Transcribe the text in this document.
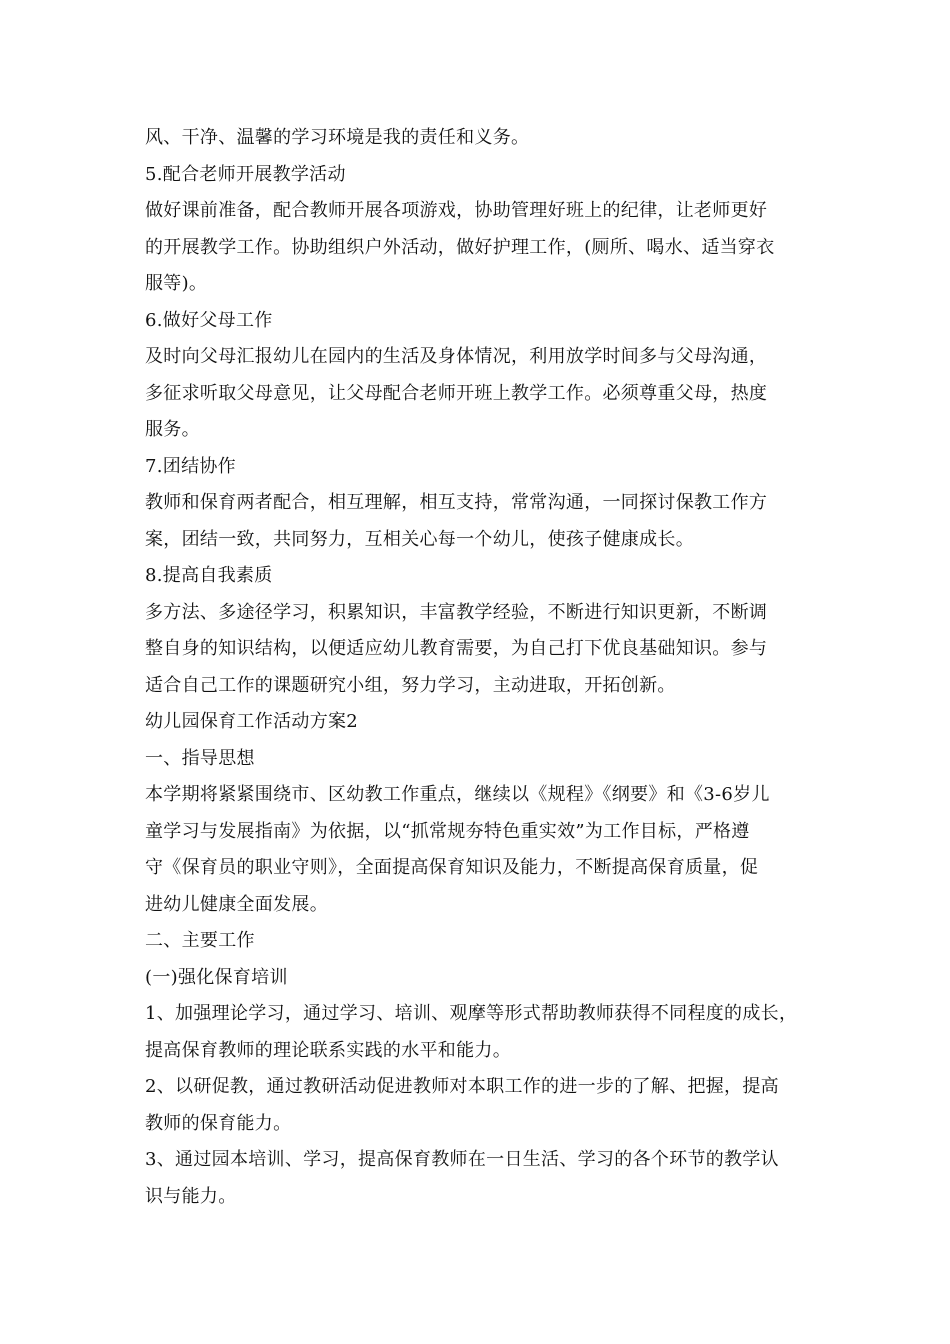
风、干净、温馨的学习环境是我的责任和义务。
5.配合老师开展教学活动
做好课前准备，配合教师开展各项游戏，协助管理好班上的纪律，让老师更好
的开展教学工作。协助组织户外活动，做好护理工作，(厕所、喝水、适当穿衣
服等)。
6.做好父母工作
及时向父母汇报幼儿在园内的生活及身体情况，利用放学时间多与父母沟通，
多征求听取父母意见，让父母配合老师开班上教学工作。必须尊重父母，热度
服务。
7.团结协作
教师和保育两者配合，相互理解，相互支持，常常沟通，一同探讨保教工作方
案，团结一致，共同努力，互相关心每一个幼儿，使孩子健康成长。
8.提高自我素质
多方法、多途径学习，积累知识，丰富教学经验，不断进行知识更新，不断调
整自身的知识结构，以便适应幼儿教育需要，为自己打下优良基础知识。参与
适合自己工作的课题研究小组，努力学习，主动进取，开拓创新。
幼儿园保育工作活动方案2
一、指导思想
本学期将紧紧围绕市、区幼教工作重点，继续以《规程》《纲要》和《3-6岁儿
童学习与发展指南》为依据，以“抓常规夯特色重实效”为工作目标，严格遵
守《保育员的职业守则》，全面提高保育知识及能力，不断提高保育质量，促
进幼儿健康全面发展。
二、主要工作
(一)强化保育培训
1、加强理论学习，通过学习、培训、观摩等形式帮助教师获得不同程度的成长，
提高保育教师的理论联系实践的水平和能力。
2、以研促教，通过教研活动促进教师对本职工作的进一步的了解、把握，提高
教师的保育能力。
3、通过园本培训、学习，提高保育教师在一日生活、学习的各个环节的教学认
识与能力。
